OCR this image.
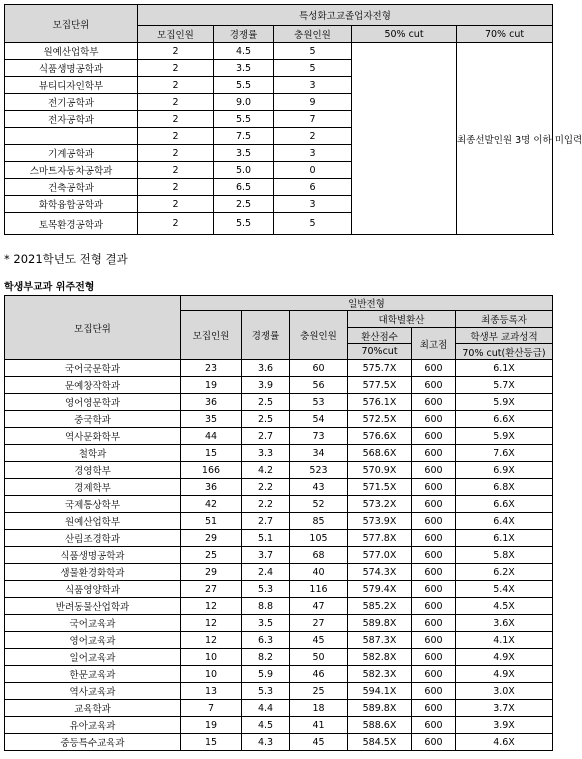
모집단위	특성화고교졸업자전형				
	모집인원	경쟁률	충원인원	50% cut	70% cut
원예산업학부	2	4.5	5		최종선발인원 3명 이하 미입력
식품생명공학과	2	3.5	5		
뷰티디자인학부	2	5.5	3		
전기공학과	2	9.0	9		
전자공학과	2	5.5	7		
	2	7.5	2		
기계공학과	2	3.5	3		
스마트자동차공학과	2	5.0	0		
건축공학과	2	6.5	6		
화학융합공학과	2	2.5	3		
토목환경공학과	2	5.5	5		
* 2021학년도 전형 결과
학생부교과 위주전형
모집단위	일반전형					
	모집인원	경쟁률	충원인원	대학별환산		최종등록자
				환산점수	최고점	학생부 교과성적
				70%cut		70% cut(환산등급)
국어국문학과	23	3.6	60	575.7X	600	6.1X
문예창작학과	19	3.9	56	577.5X	600	5.7X
영어영문학과	36	2.5	53	576.1X	600	5.9X
중국학과	35	2.5	54	572.5X	600	6.6X
역사문화학부	44	2.7	73	576.6X	600	5.9X
철학과	15	3.3	34	568.6X	600	7.6X
경영학부	166	4.2	523	570.9X	600	6.9X
경제학부	36	2.2	43	571.5X	600	6.8X
국제통상학부	42	2.2	52	573.2X	600	6.6X
원예산업학부	51	2.7	85	573.9X	600	6.4X
산림조경학과	29	5.1	105	577.8X	600	6.1X
식품생명공학과	25	3.7	68	577.0X	600	5.8X
생물환경화학과	29	2.4	40	574.3X	600	6.2X
식품영양학과	27	5.3	116	579.4X	600	5.4X
반려동물산업학과	12	8.8	47	585.2X	600	4.5X
국어교육과	12	3.5	27	589.8X	600	3.6X
영어교육과	12	6.3	45	587.3X	600	4.1X
일어교육과	10	8.2	50	582.8X	600	4.9X
한문교육과	10	5.9	46	582.3X	600	4.9X
역사교육과	13	5.3	25	594.1X	600	3.0X
교육학과	7	4.4	18	589.8X	600	3.7X
유아교육과	19	4.5	41	588.6X	600	3.9X
중등특수교육과	15	4.3	45	584.5X	600	4.6X
